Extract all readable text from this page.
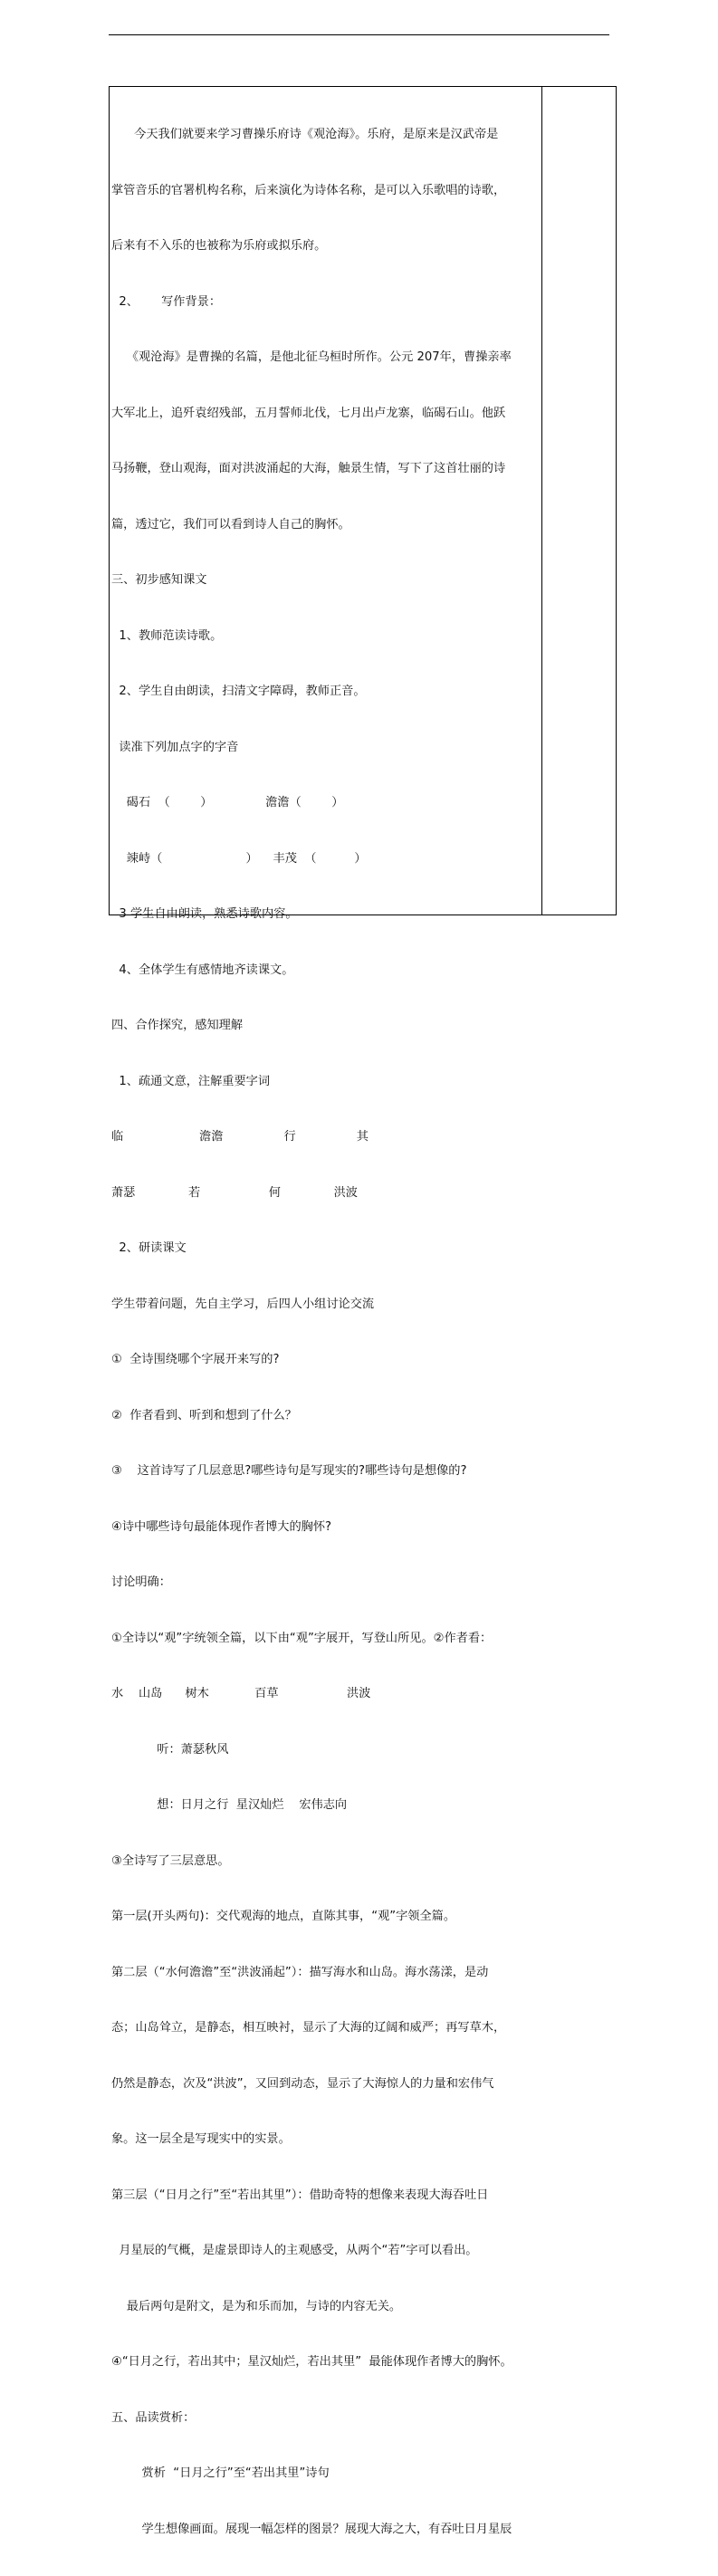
今天我们就要来学习曹操乐府诗《观沧海》。乐府，是原来是汉武帝是

掌管音乐的官署机构名称，后来演化为诗体名称，是可以入乐歌唱的诗歌，

后来有不入乐的也被称为乐府或拟乐府。

2、      写作背景：

《观沧海》是曹操的名篇，是他北征乌桓时所作。公元 207年，曹操亲率

大军北上，追歼袁绍残部，五月誓师北伐，七月出卢龙寨，临碣石山。他跃

马扬鞭，登山观海，面对洪波涌起的大海，触景生情，写下了这首壮丽的诗

篇，透过它，我们可以看到诗人自己的胸怀。

三、初步感知课文

1、教师范读诗歌。

2、学生自由朗读，扫清文字障碍，教师正音。

读准下列加点字的字音

碣石  （        ）              澹澹（        ）

竦峙（                      ）    丰茂  （          ）

3 学生自由朗读，熟悉诗歌内容。

4、全体学生有感情地齐读课文。

四、合作探究，感知理解

1、疏通文意，注解重要字词

临                    澹澹                行                其

萧瑟              若                  何              洪波

2、研读课文

学生带着问题，先自主学习，后四人小组讨论交流

①  全诗围绕哪个字展开来写的?

②  作者看到、听到和想到了什么？

③    这首诗写了几层意思?哪些诗句是写现实的?哪些诗句是想像的?

④诗中哪些诗句最能体现作者博大的胸怀?

讨论明确：

①全诗以“观”字统领全篇，以下由“观”字展开，写登山所见。②作者看：

水    山岛      树木            百草                  洪波

听：萧瑟秋风

想：日月之行  星汉灿烂    宏伟志向

③全诗写了三层意思。

第一层(开头两句)：交代观海的地点，直陈其事，“观”字领全篇。

第二层（“水何澹澹”至“洪波涌起”）：描写海水和山岛。海水荡漾，是动

态；山岛耸立，是静态，相互映衬，显示了大海的辽阔和威严；再写草木，

仍然是静态，次及“洪波”，又回到动态，显示了大海惊人的力量和宏伟气

象。这一层全是写现实中的实景。

第三层（“日月之行”至“若出其里”）：借助奇特的想像来表现大海吞吐日

月星辰的气概，是虚景即诗人的主观感受，从两个“若”字可以看出。

最后两句是附文，是为和乐而加，与诗的内容无关。

④“日月之行，若出其中；星汉灿烂，若出其里”  最能体现作者博大的胸怀。

五、品读赏析：

赏析  “日月之行”至“若出其里”诗句

学生想像画面。展现一幅怎样的图景？展现大海之大，有吞吐日月星辰
